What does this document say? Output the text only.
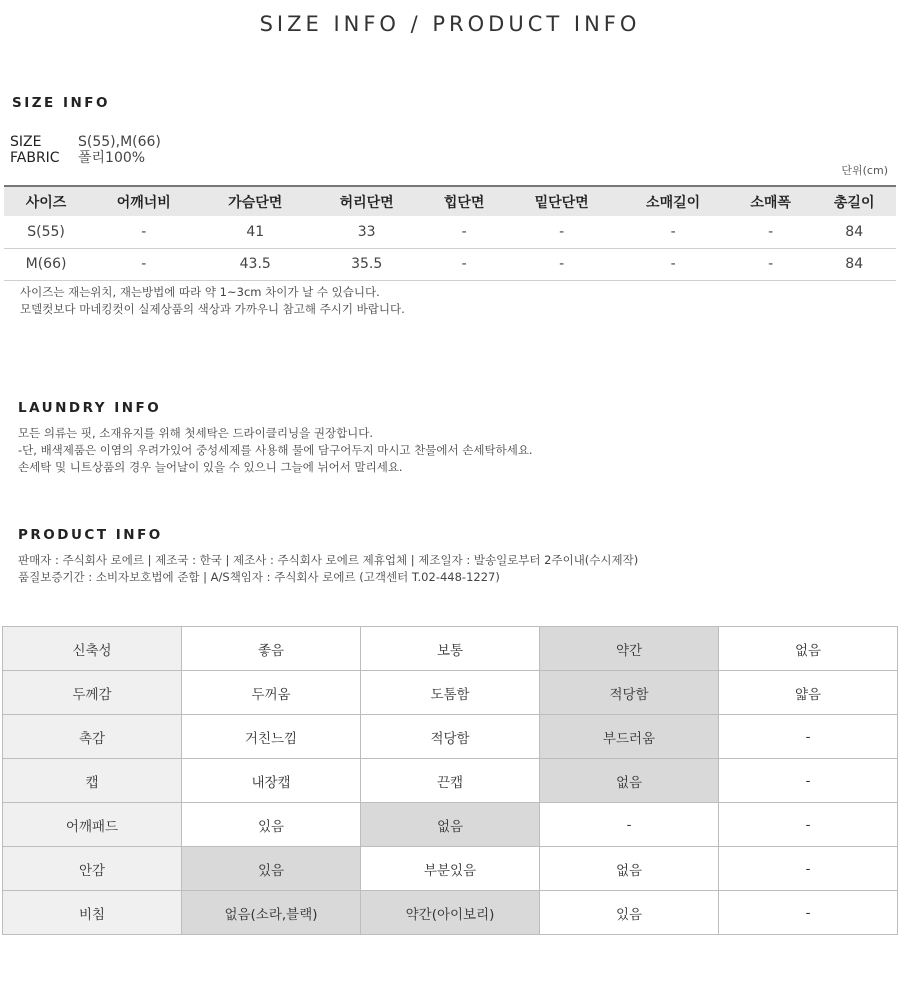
SIZE INFO / PRODUCT INFO
SIZE INFO
SIZE	S(55),M(66)
FABRIC	폴리100%
단위(cm)
사이즈	어깨너비	가슴단면	허리단면	힙단면	밑단단면	소매길이	소매폭	총길이
S(55)	-	41	33	-	-	-	-	84
M(66)	-	43.5	35.5	-	-	-	-	84
사이즈는 재는위치, 재는방법에 따라 약 1~3cm 차이가 날 수 있습니다.
모델컷보다 마네킹컷이 실제상품의 색상과 가까우니 참고해 주시기 바랍니다.
LAUNDRY INFO
모든 의류는 핏, 소재유지를 위해 첫세탁은 드라이클리닝을 권장합니다.
-단, 배색제품은 이염의 우려가있어 중성세제를 사용해 물에 담구어두지 마시고 찬물에서 손세탁하세요.
손세탁 및 니트상품의 경우 늘어날이 있을 수 있으니 그늘에 뉘어서 말리세요.
PRODUCT INFO
판매자 : 주식회사 로에르 | 제조국 : 한국 | 제조사 : 주식회사 로에르 제휴업체 | 제조일자 : 발송일로부터 2주이내(수시제작)
품질보증기간 : 소비자보호법에 준함 | A/S책임자 : 주식회사 로에르 (고객센터 T.02-448-1227)
신축성	좋음	보통	약간	없음
두께감	두꺼움	도톰함	적당함	얇음
촉감	거친느낌	적당함	부드러움	-
캡	내장캡	끈캡	없음	-
어깨패드	있음	없음	-	-
안감	있음	부분있음	없음	-
비침	없음(소라,블랙)	약간(아이보리)	있음	-
